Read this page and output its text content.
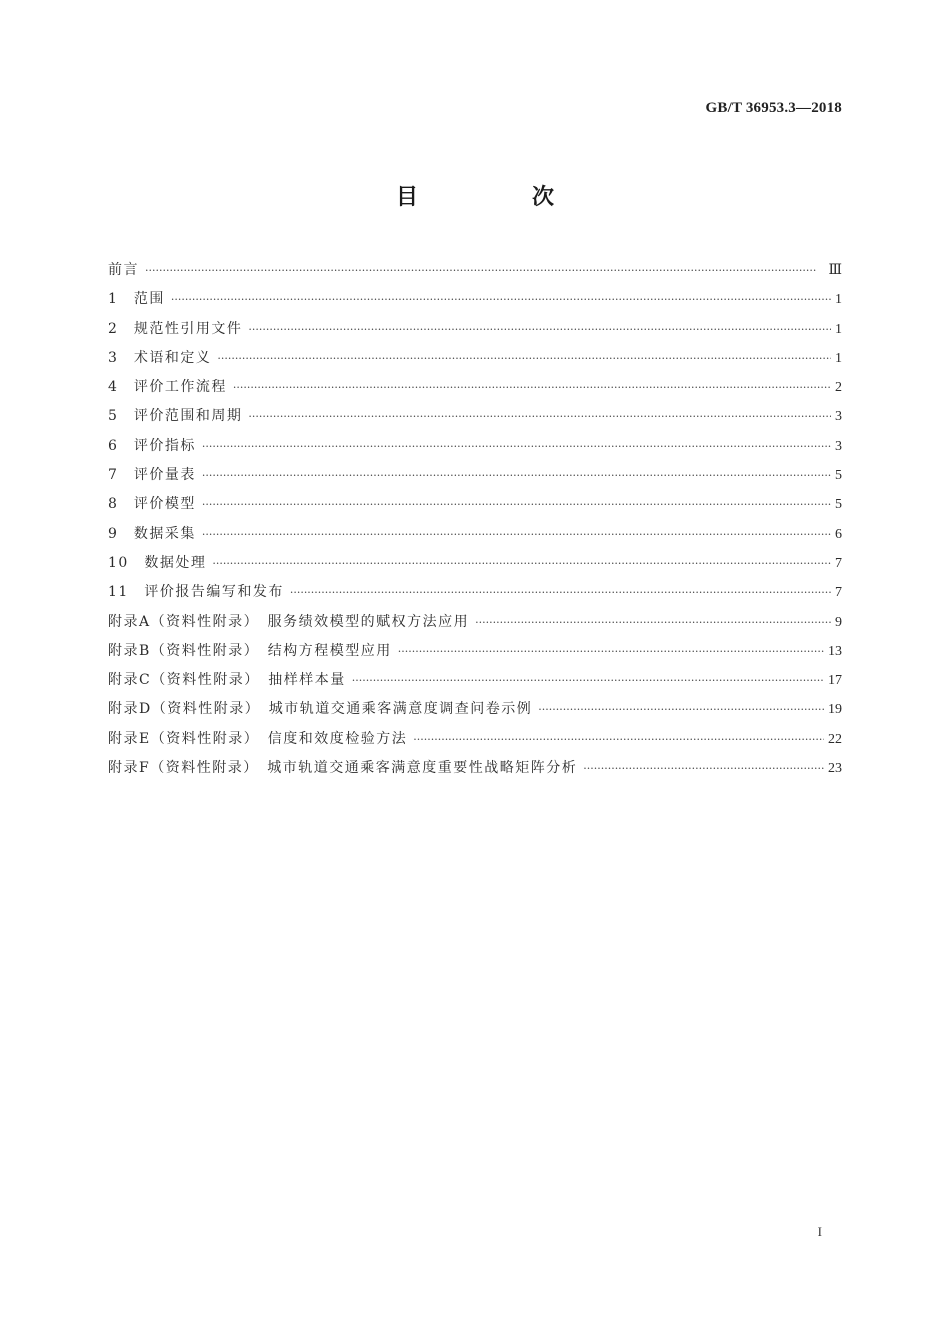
GB/T 36953.3—2018
目　次
前言 ·····	Ⅲ
1　范围 ·····	1
2　规范性引用文件 ·····	1
3　术语和定义 ·····	1
4　评价工作流程 ·····	2
5　评价范围和周期 ·····	3
6　评价指标 ·····	3
7　评价量表 ·····	5
8　评价模型 ·····	5
9　数据采集 ·····	6
10　数据处理 ·····	7
11　评价报告编写和发布 ·····	7
附录A（资料性附录）　服务绩效模型的赋权方法应用 ·····	9
附录B（资料性附录）　结构方程模型应用 ·····	13
附录C（资料性附录）　抽样样本量 ·····	17
附录D（资料性附录）　城市轨道交通乘客满意度调查问卷示例 ·····	19
附录E（资料性附录）　信度和效度检验方法 ·····	22
附录F（资料性附录）　城市轨道交通乘客满意度重要性战略矩阵分析 ·····	23
I
